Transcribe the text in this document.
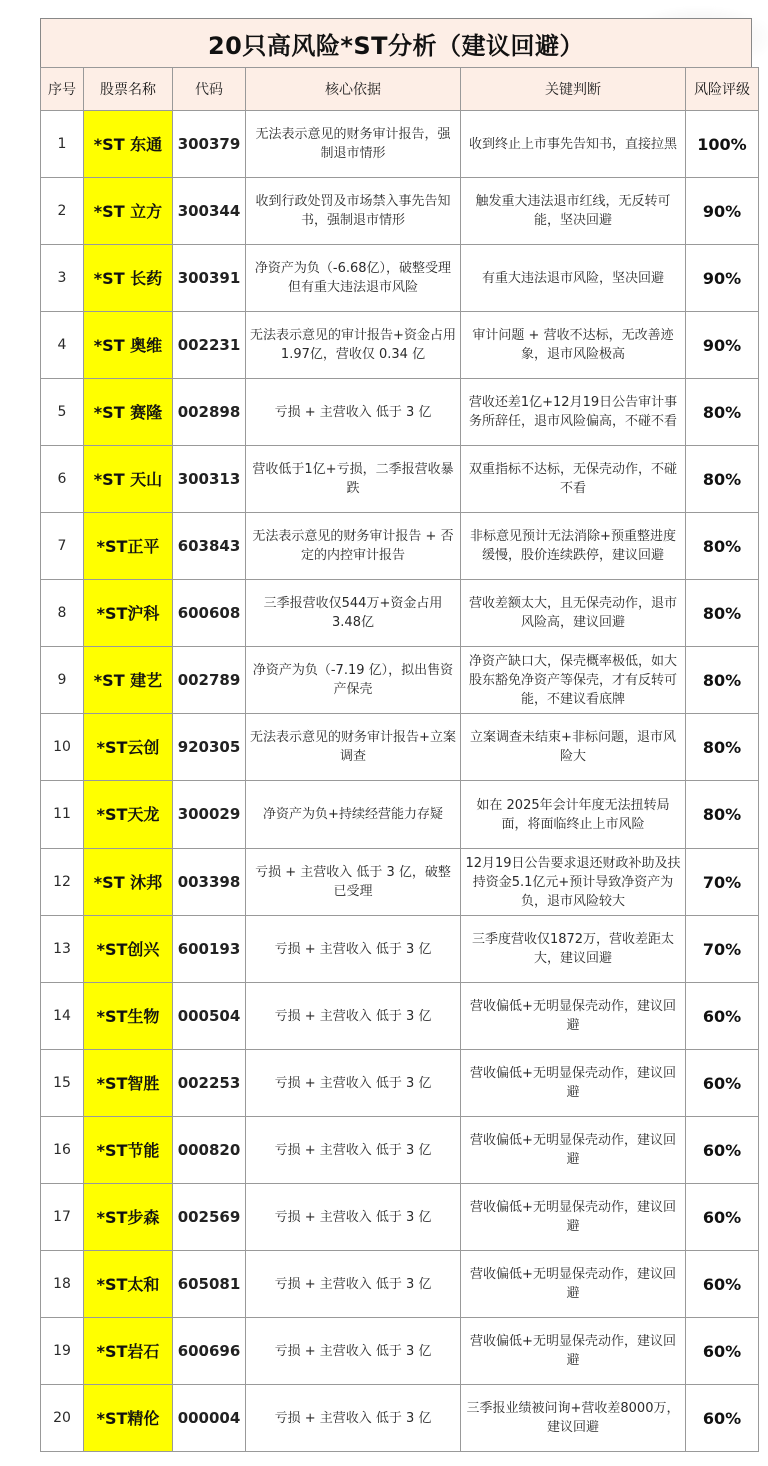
20只高风险*ST分析（建议回避）
序号	股票名称	代码	核心依据	关键判断	风险评级
1	*ST 东通	300379	无法表示意见的财务审计报告，强制退市情形	收到终止上市事先告知书，直接拉黑	100%
2	*ST 立方	300344	收到行政处罚及市场禁入事先告知书，强制退市情形	触发重大违法退市红线，无反转可能，坚决回避	90%
3	*ST 长药	300391	净资产为负（-6.68亿），破整受理但有重大违法退市风险	有重大违法退市风险，坚决回避	90%
4	*ST 奥维	002231	无法表示意见的审计报告+资金占用1.97亿，营收仅 0.34 亿	审计问题 + 营收不达标，无改善迹象，退市风险极高	90%
5	*ST 赛隆	002898	亏损 + 主营收入 低于 3 亿	营收还差1亿+12月19日公告审计事务所辞任，退市风险偏高，不碰不看	80%
6	*ST 天山	300313	营收低于1亿+亏损，二季报营收暴跌	双重指标不达标，无保壳动作，不碰不看	80%
7	*ST正平	603843	无法表示意见的财务审计报告 + 否定的内控审计报告	非标意见预计无法消除+预重整进度缓慢，股价连续跌停，建议回避	80%
8	*ST沪科	600608	三季报营收仅544万+资金占用3.48亿	营收差额太大，且无保壳动作，退市风险高，建议回避	80%
9	*ST 建艺	002789	净资产为负（-7.19 亿），拟出售资产保壳	净资产缺口大，保壳概率极低，如大股东豁免净资产等保壳，才有反转可能，不建议看底牌	80%
10	*ST云创	920305	无法表示意见的财务审计报告+立案调查	立案调查未结束+非标问题，退市风险大	80%
11	*ST天龙	300029	净资产为负+持续经营能力存疑	如在 2025年会计年度无法扭转局面，将面临终止上市风险	80%
12	*ST 沐邦	003398	亏损 + 主营收入 低于 3 亿，破整已受理	12月19日公告要求退还财政补助及扶持资金5.1亿元+预计导致净资产为负，退市风险较大	70%
13	*ST创兴	600193	亏损 + 主营收入 低于 3 亿	三季度营收仅1872万，营收差距太大，建议回避	70%
14	*ST生物	000504	亏损 + 主营收入 低于 3 亿	营收偏低+无明显保壳动作，建议回避	60%
15	*ST智胜	002253	亏损 + 主营收入 低于 3 亿	营收偏低+无明显保壳动作，建议回避	60%
16	*ST节能	000820	亏损 + 主营收入 低于 3 亿	营收偏低+无明显保壳动作，建议回避	60%
17	*ST步森	002569	亏损 + 主营收入 低于 3 亿	营收偏低+无明显保壳动作，建议回避	60%
18	*ST太和	605081	亏损 + 主营收入 低于 3 亿	营收偏低+无明显保壳动作，建议回避	60%
19	*ST岩石	600696	亏损 + 主营收入 低于 3 亿	营收偏低+无明显保壳动作，建议回避	60%
20	*ST精伦	000004	亏损 + 主营收入 低于 3 亿	三季报业绩被问询+营收差8000万，建议回避	60%
